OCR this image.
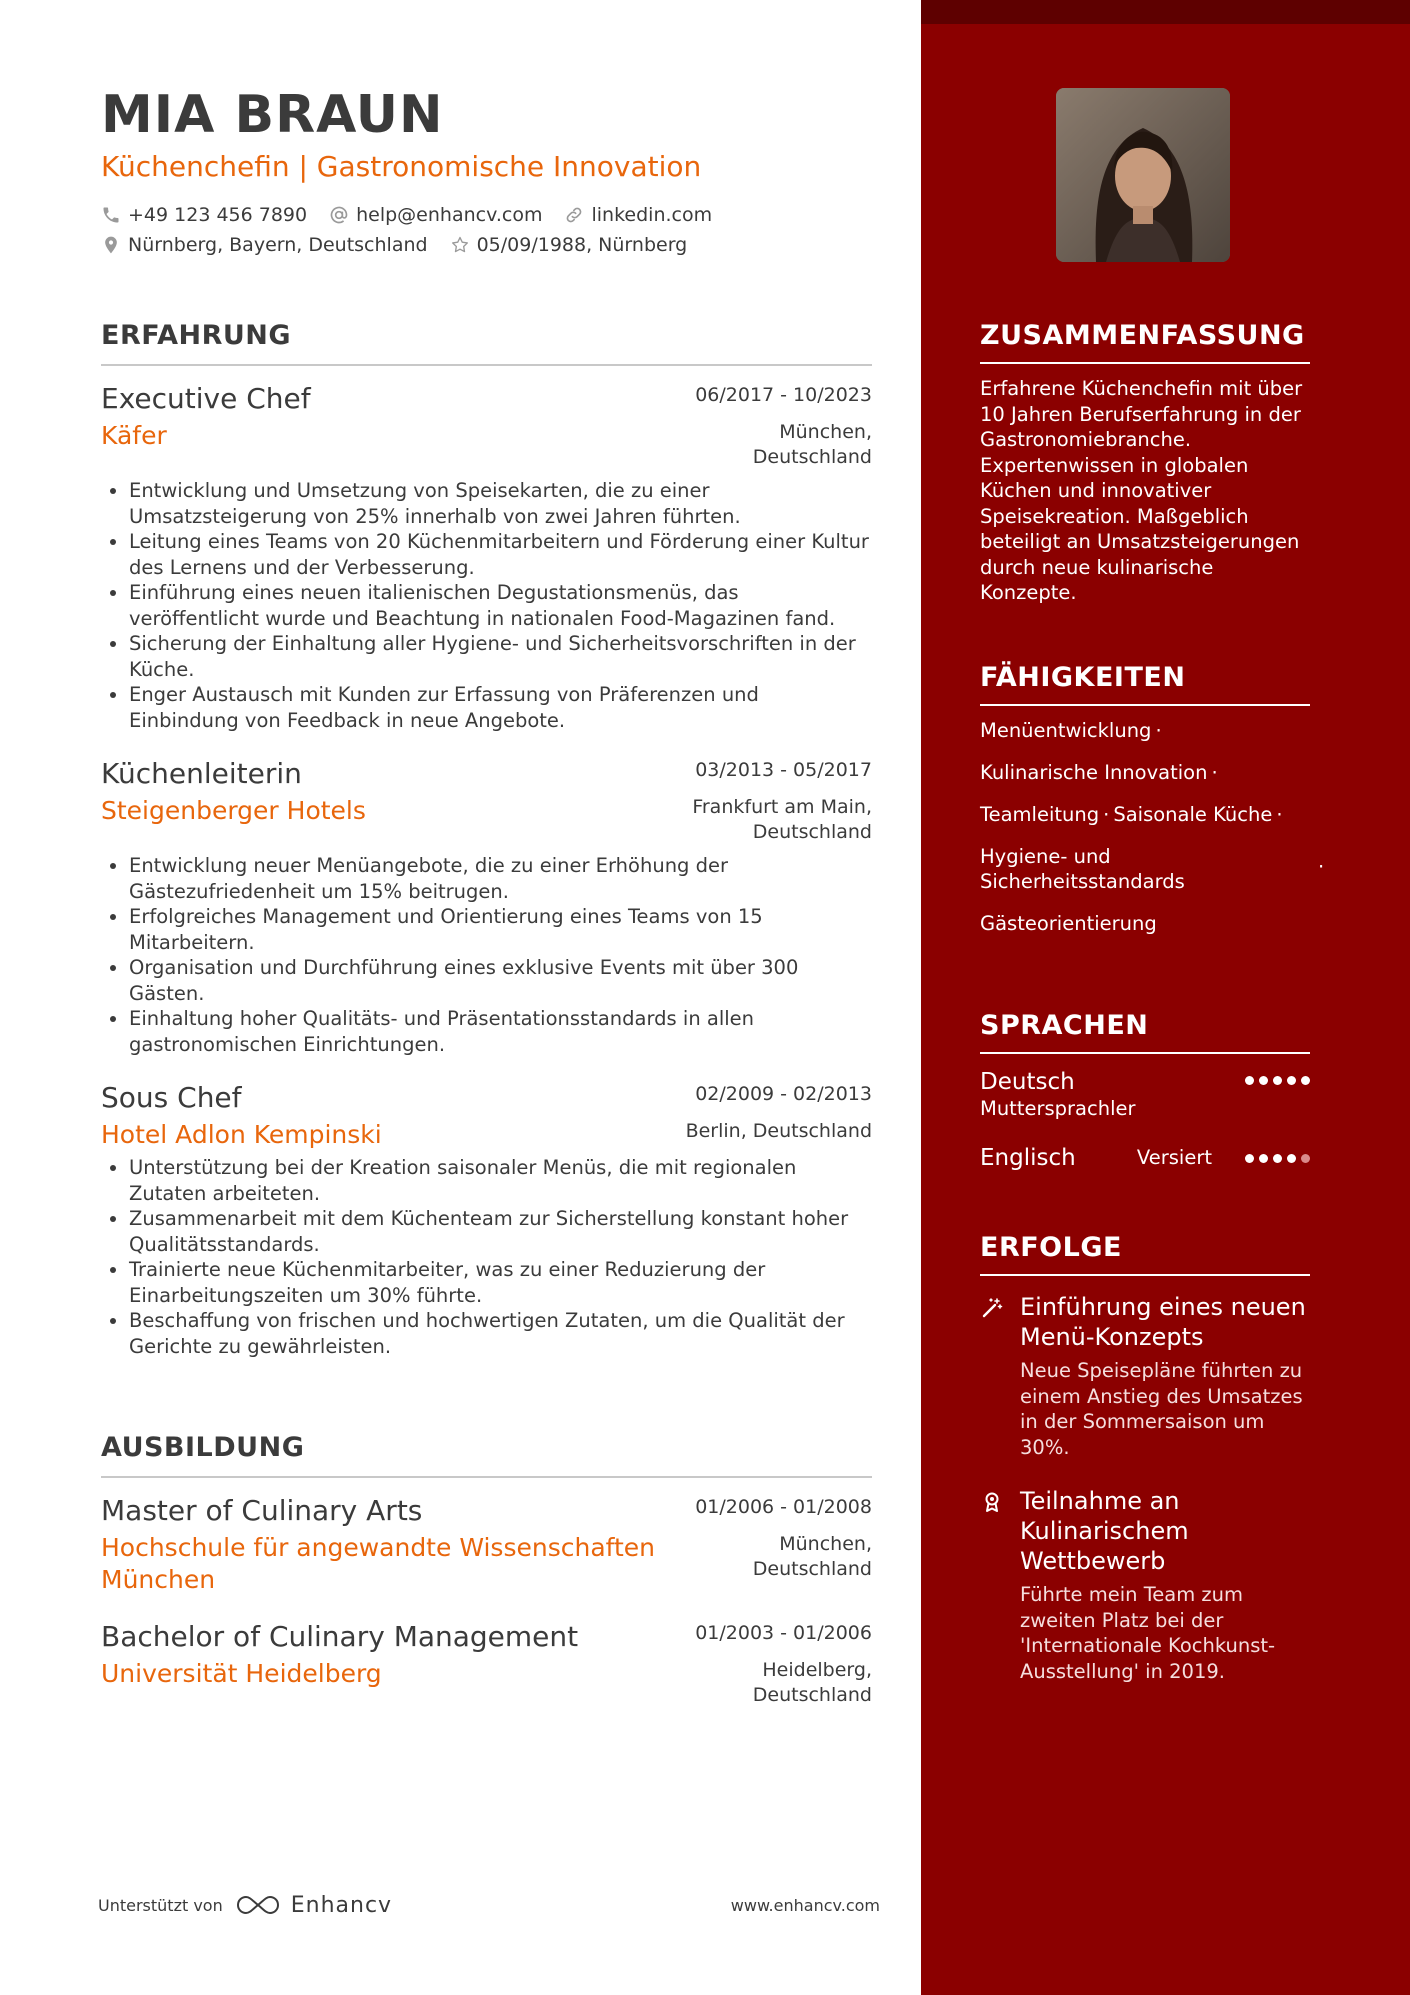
MIA BRAUN
Küchenchefin | Gastronomische Innovation
+49 123 456 7890	help@enhancv.com	linkedin.com
Nürnberg, Bayern, Deutschland	05/09/1988, Nürnberg
ERFAHRUNG
Executive Chef	06/2017 - 10/2023
Käfer	München,
Deutschland
• Entwicklung und Umsetzung von Speisekarten, die zu einer Umsatzsteigerung von 25% innerhalb von zwei Jahren führten.
• Leitung eines Teams von 20 Küchenmitarbeitern und Förderung einer Kultur des Lernens und der Verbesserung.
• Einführung eines neuen italienischen Degustationsmenüs, das veröffentlicht wurde und Beachtung in nationalen Food-Magazinen fand.
• Sicherung der Einhaltung aller Hygiene- und Sicherheitsvorschriften in der Küche.
• Enger Austausch mit Kunden zur Erfassung von Präferenzen und Einbindung von Feedback in neue Angebote.
Küchenleiterin	03/2013 - 05/2017
Steigenberger Hotels	Frankfurt am Main,
Deutschland
• Entwicklung neuer Menüangebote, die zu einer Erhöhung der Gästezufriedenheit um 15% beitrugen.
• Erfolgreiches Management und Orientierung eines Teams von 15 Mitarbeitern.
• Organisation und Durchführung eines exklusive Events mit über 300 Gästen.
• Einhaltung hoher Qualitäts- und Präsentationsstandards in allen gastronomischen Einrichtungen.
Sous Chef	02/2009 - 02/2013
Hotel Adlon Kempinski	Berlin, Deutschland
• Unterstützung bei der Kreation saisonaler Menüs, die mit regionalen Zutaten arbeiteten.
• Zusammenarbeit mit dem Küchenteam zur Sicherstellung konstant hoher Qualitätsstandards.
• Trainierte neue Küchenmitarbeiter, was zu einer Reduzierung der Einarbeitungszeiten um 30% führte.
• Beschaffung von frischen und hochwertigen Zutaten, um die Qualität der Gerichte zu gewährleisten.
AUSBILDUNG
Master of Culinary Arts	01/2006 - 01/2008
Hochschule für angewandte Wissenschaften München
München,
Deutschland
Bachelor of Culinary Management	01/2003 - 01/2006
Universität Heidelberg	Heidelberg,
Deutschland
Unterstützt von	Enhancv	www.enhancv.com
ZUSAMMENFASSUNG
Erfahrene Küchenchefin mit über 10 Jahren Berufserfahrung in der Gastronomiebranche. Expertenwissen in globalen Küchen und innovativer Speisekreation. Maßgeblich beteiligt an Umsatzsteigerungen durch neue kulinarische Konzepte.
FÄHIGKEITEN
Menüentwicklung ·
Kulinarische Innovation ·
Teamleitung · Saisonale Küche ·
Hygiene- und Sicherheitsstandards
·
Gästeorientierung
SPRACHEN
Deutsch
Muttersprachler
Englisch	Versiert
ERFOLGE
Einführung eines neuen Menü-Konzepts
Neue Speisepläne führten zu einem Anstieg des Umsatzes in der Sommersaison um 30%.
Teilnahme an Kulinarischem Wettbewerb
Führte mein Team zum zweiten Platz bei der 'Internationale Kochkunst-Ausstellung' in 2019.
